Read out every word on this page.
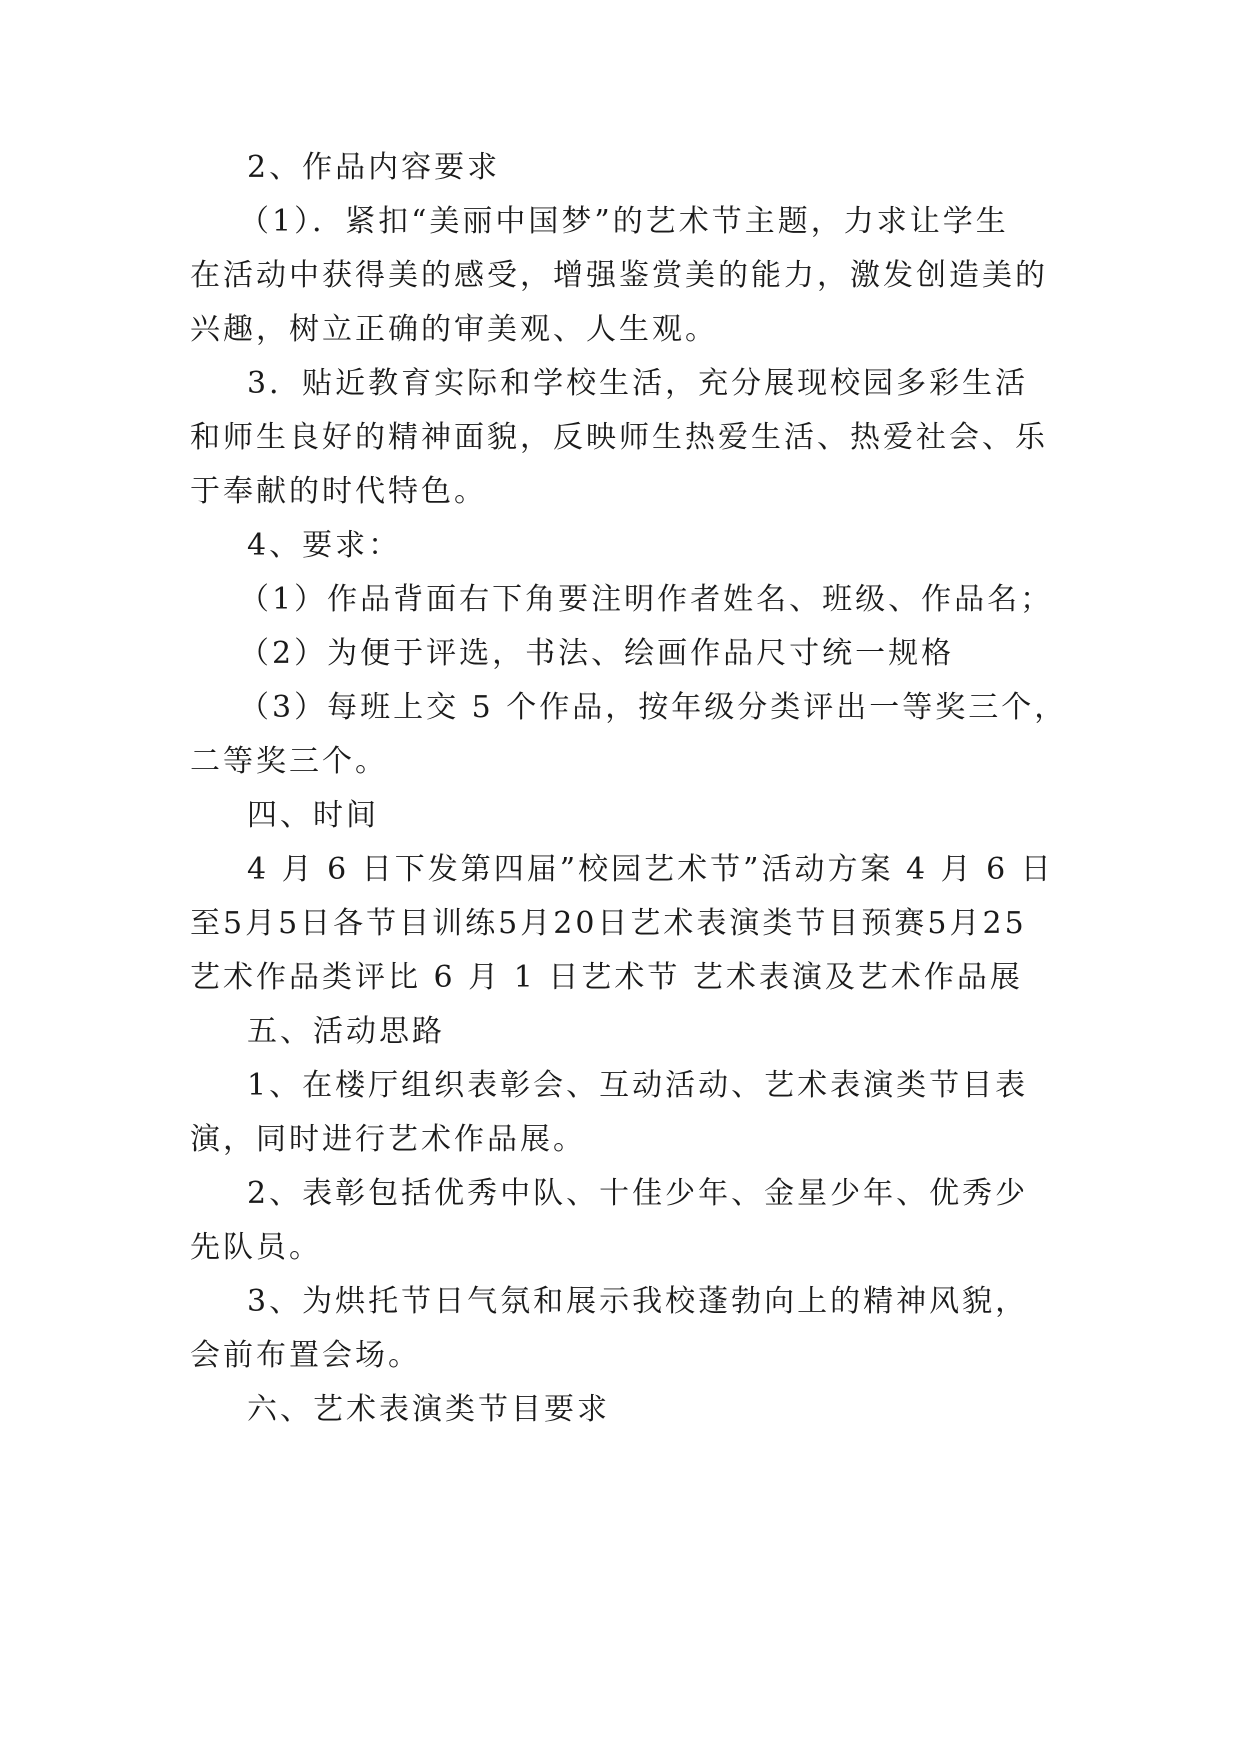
2、作品内容要求
（1）．紧扣“美丽中国梦”的艺术节主题，力求让学生
在活动中获得美的感受，增强鉴赏美的能力，激发创造美的
兴趣，树立正确的审美观、人生观。
3．贴近教育实际和学校生活，充分展现校园多彩生活
和师生良好的精神面貌，反映师生热爱生活、热爱社会、乐
于奉献的时代特色。
4、要求：
（1）作品背面右下角要注明作者姓名、班级、作品名；
（2）为便于评选，书法、绘画作品尺寸统一规格
（3）每班上交 5 个作品，按年级分类评出一等奖三个，
二等奖三个。
四、时间
4 月 6 日下发第四届”校园艺术节”活动方案 4 月 6 日
至5月5日各节目训练5月20日艺术表演类节目预赛5月25
艺术作品类评比 6 月 1 日艺术节 艺术表演及艺术作品展
五、活动思路
1、在楼厅组织表彰会、互动活动、艺术表演类节目表
演，同时进行艺术作品展。
2、表彰包括优秀中队、十佳少年、金星少年、优秀少
先队员。
3、为烘托节日气氛和展示我校蓬勃向上的精神风貌，
会前布置会场。
六、艺术表演类节目要求
